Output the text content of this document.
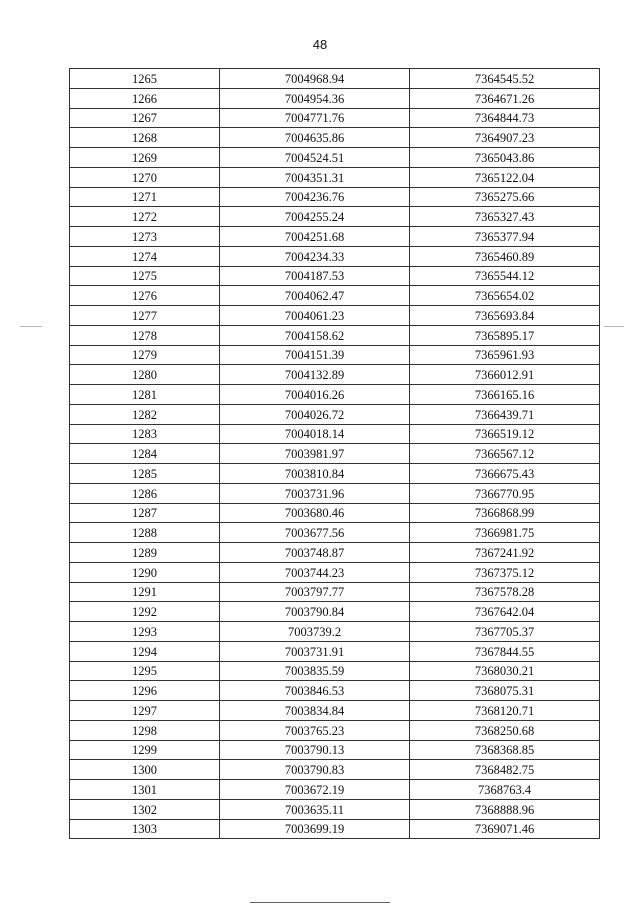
48
1265	7004968.94	7364545.52
1266	7004954.36	7364671.26
1267	7004771.76	7364844.73
1268	7004635.86	7364907.23
1269	7004524.51	7365043.86
1270	7004351.31	7365122.04
1271	7004236.76	7365275.66
1272	7004255.24	7365327.43
1273	7004251.68	7365377.94
1274	7004234.33	7365460.89
1275	7004187.53	7365544.12
1276	7004062.47	7365654.02
1277	7004061.23	7365693.84
1278	7004158.62	7365895.17
1279	7004151.39	7365961.93
1280	7004132.89	7366012.91
1281	7004016.26	7366165.16
1282	7004026.72	7366439.71
1283	7004018.14	7366519.12
1284	7003981.97	7366567.12
1285	7003810.84	7366675.43
1286	7003731.96	7366770.95
1287	7003680.46	7366868.99
1288	7003677.56	7366981.75
1289	7003748.87	7367241.92
1290	7003744.23	7367375.12
1291	7003797.77	7367578.28
1292	7003790.84	7367642.04
1293	7003739.2	7367705.37
1294	7003731.91	7367844.55
1295	7003835.59	7368030.21
1296	7003846.53	7368075.31
1297	7003834.84	7368120.71
1298	7003765.23	7368250.68
1299	7003790.13	7368368.85
1300	7003790.83	7368482.75
1301	7003672.19	7368763.4
1302	7003635.11	7368888.96
1303	7003699.19	7369071.46
